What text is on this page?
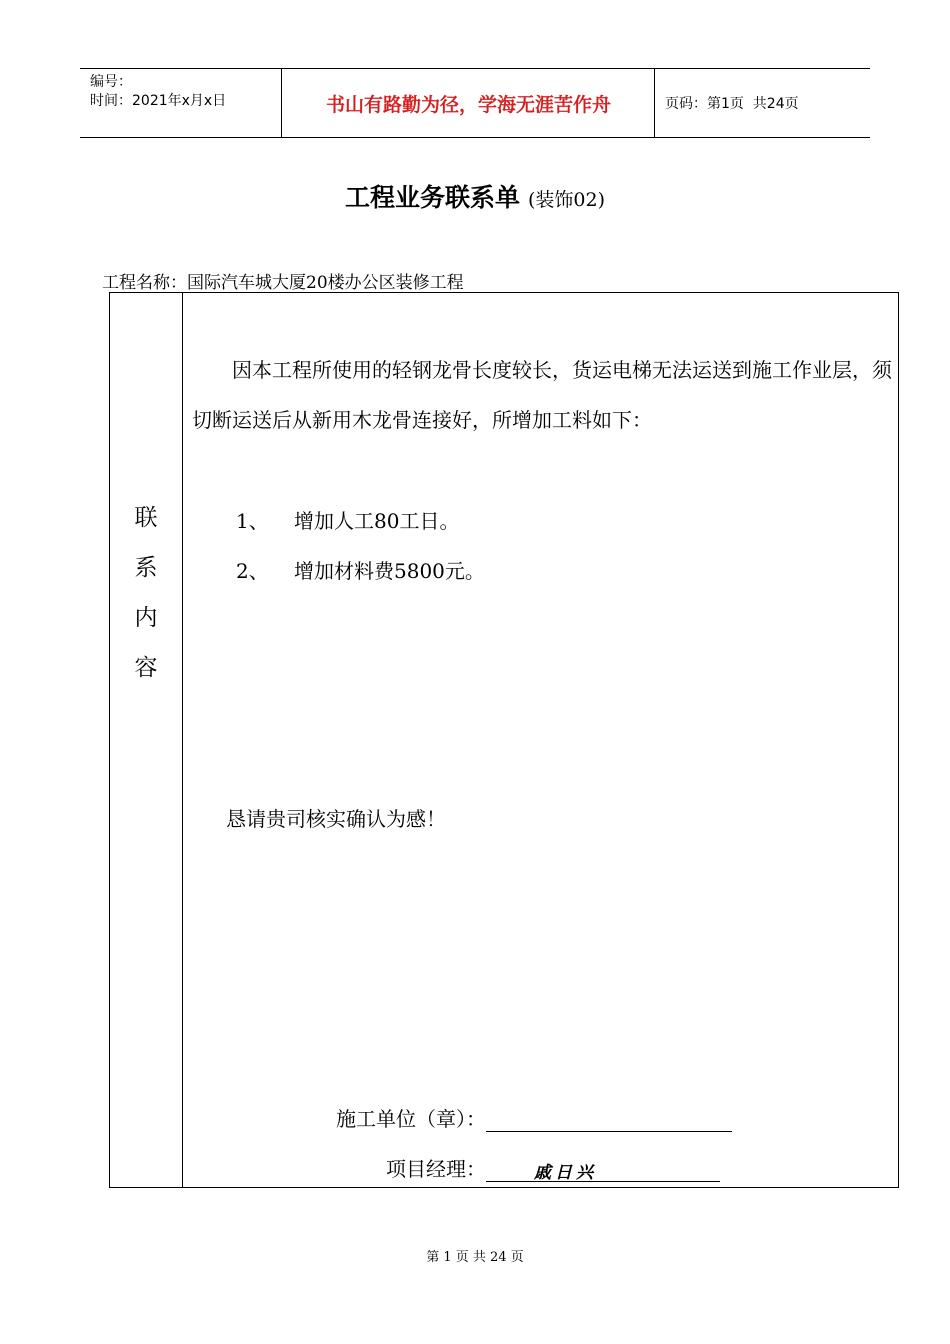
编号：
时间：2021年x月x日	书山有路勤为径，学海无涯苦作舟	页码：第1页  共24页
工程业务联系单 (装饰02)
工程名称：国际汽车城大厦20楼办公区装修工程
联
系
内
容
因本工程所使用的轻钢龙骨长度较长，货运电梯无法运送到施工作业层，须切断运送后从新用木龙骨连接好，所增加工料如下：
1、 增加人工80工日。
2、 增加材料费5800元。
恳请贵司核实确认为感！
施工单位（章）：
项目经理：	戚日兴
第 1 页 共 24 页
